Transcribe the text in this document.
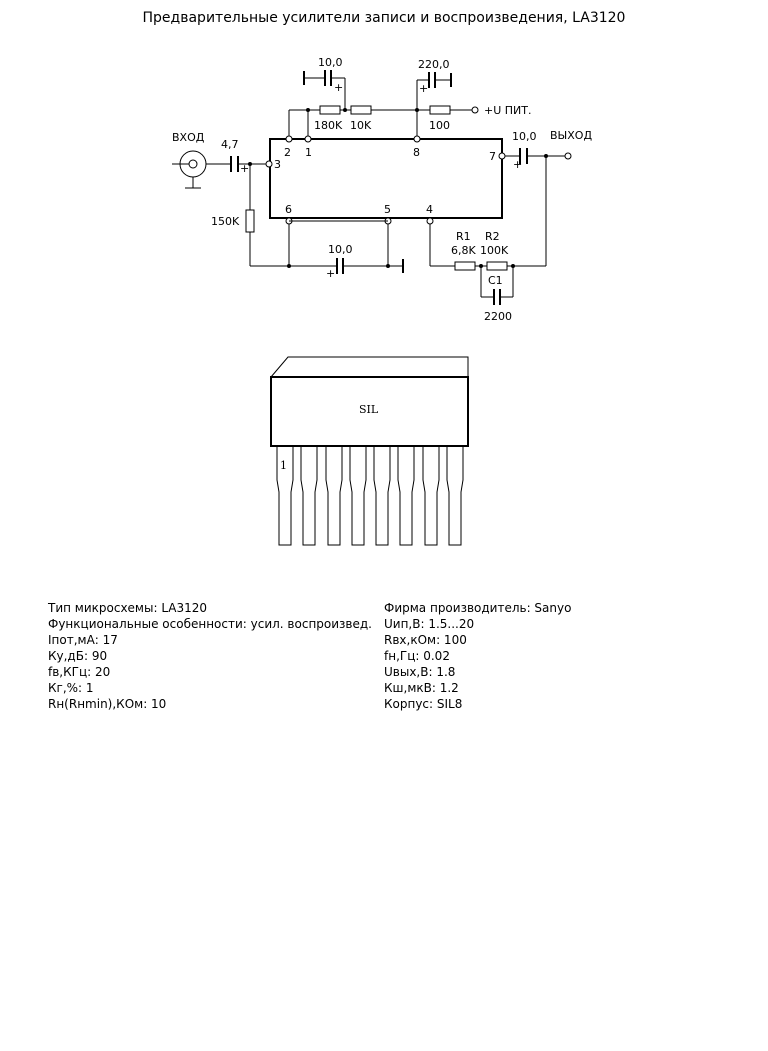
Предварительные усилители записи и воспроизведения, LA3120
ВХОД	ВЫХОД
+U ПИТ.
4,7
+
10,0
+
220,0
+
180K 10K	100
10,0
+
150K
10,0
+
R1
6,8K
R2
100K
C1
2200
1
2
3
4
5
6
7
8
SIL
1
Тип микросхемы: LA3120
Функциональные особенности: усил. воспроизвед.
Iпот,мА: 17
Ку,дБ: 90
fв,КГц: 20
Кг,%: 1
Rн(Rнmin),КОм: 10
Фирма производитель: Sanyo
Uип,В: 1.5...20
Rвх,кОм: 100
fн,Гц: 0.02
Uвых,В: 1.8
Кш,мкВ: 1.2
Корпус: SIL8
